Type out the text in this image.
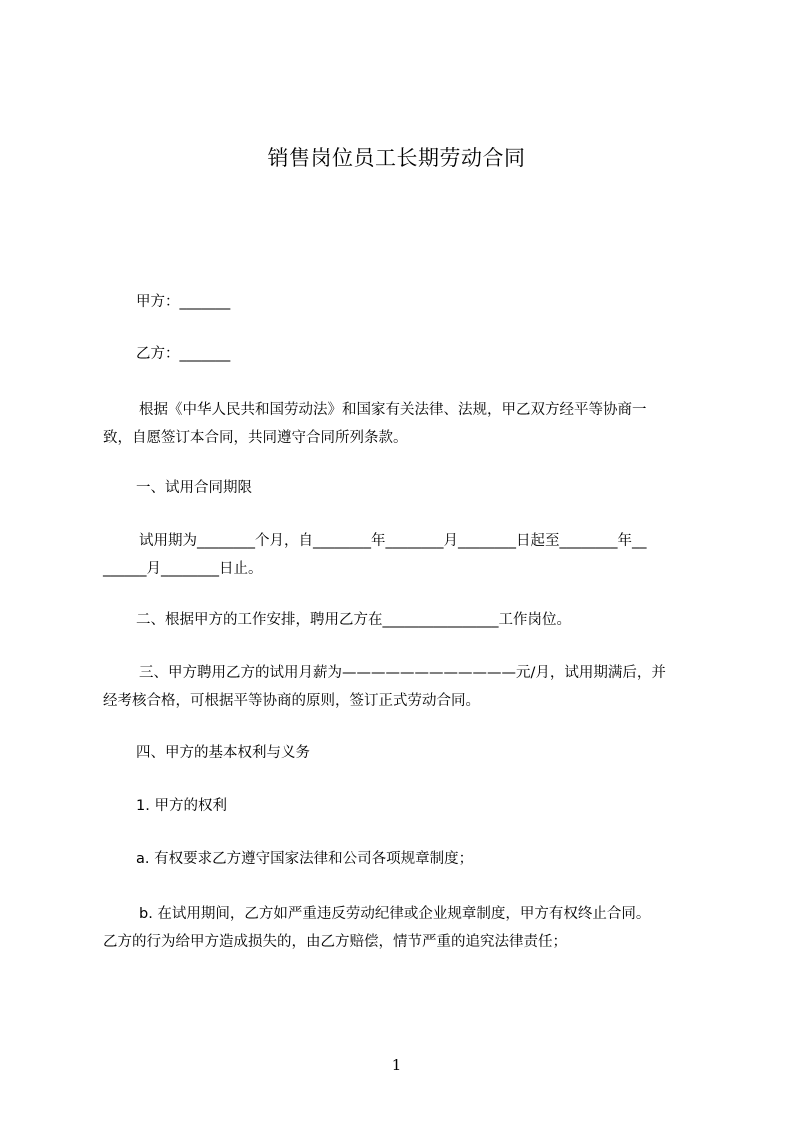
销售岗位员工长期劳动合同
甲方：_______
乙方：_______
根据《中华人民共和国劳动法》和国家有关法律、法规，甲乙双方经平等协商一
致，自愿签订本合同，共同遵守合同所列条款。
一、试用合同期限
试用期为________个月，自________年________月________日起至________年__
______月________日止。
二、根据甲方的工作安排，聘用乙方在________________工作岗位。
三、甲方聘用乙方的试用月薪为————————————元/月，试用期满后，并
经考核合格，可根据平等协商的原则，签订正式劳动合同。
四、甲方的基本权利与义务
1. 甲方的权利
a. 有权要求乙方遵守国家法律和公司各项规章制度；
b. 在试用期间，乙方如严重违反劳动纪律或企业规章制度，甲方有权终止合同。
乙方的行为给甲方造成损失的，由乙方赔偿，情节严重的追究法律责任；
1
